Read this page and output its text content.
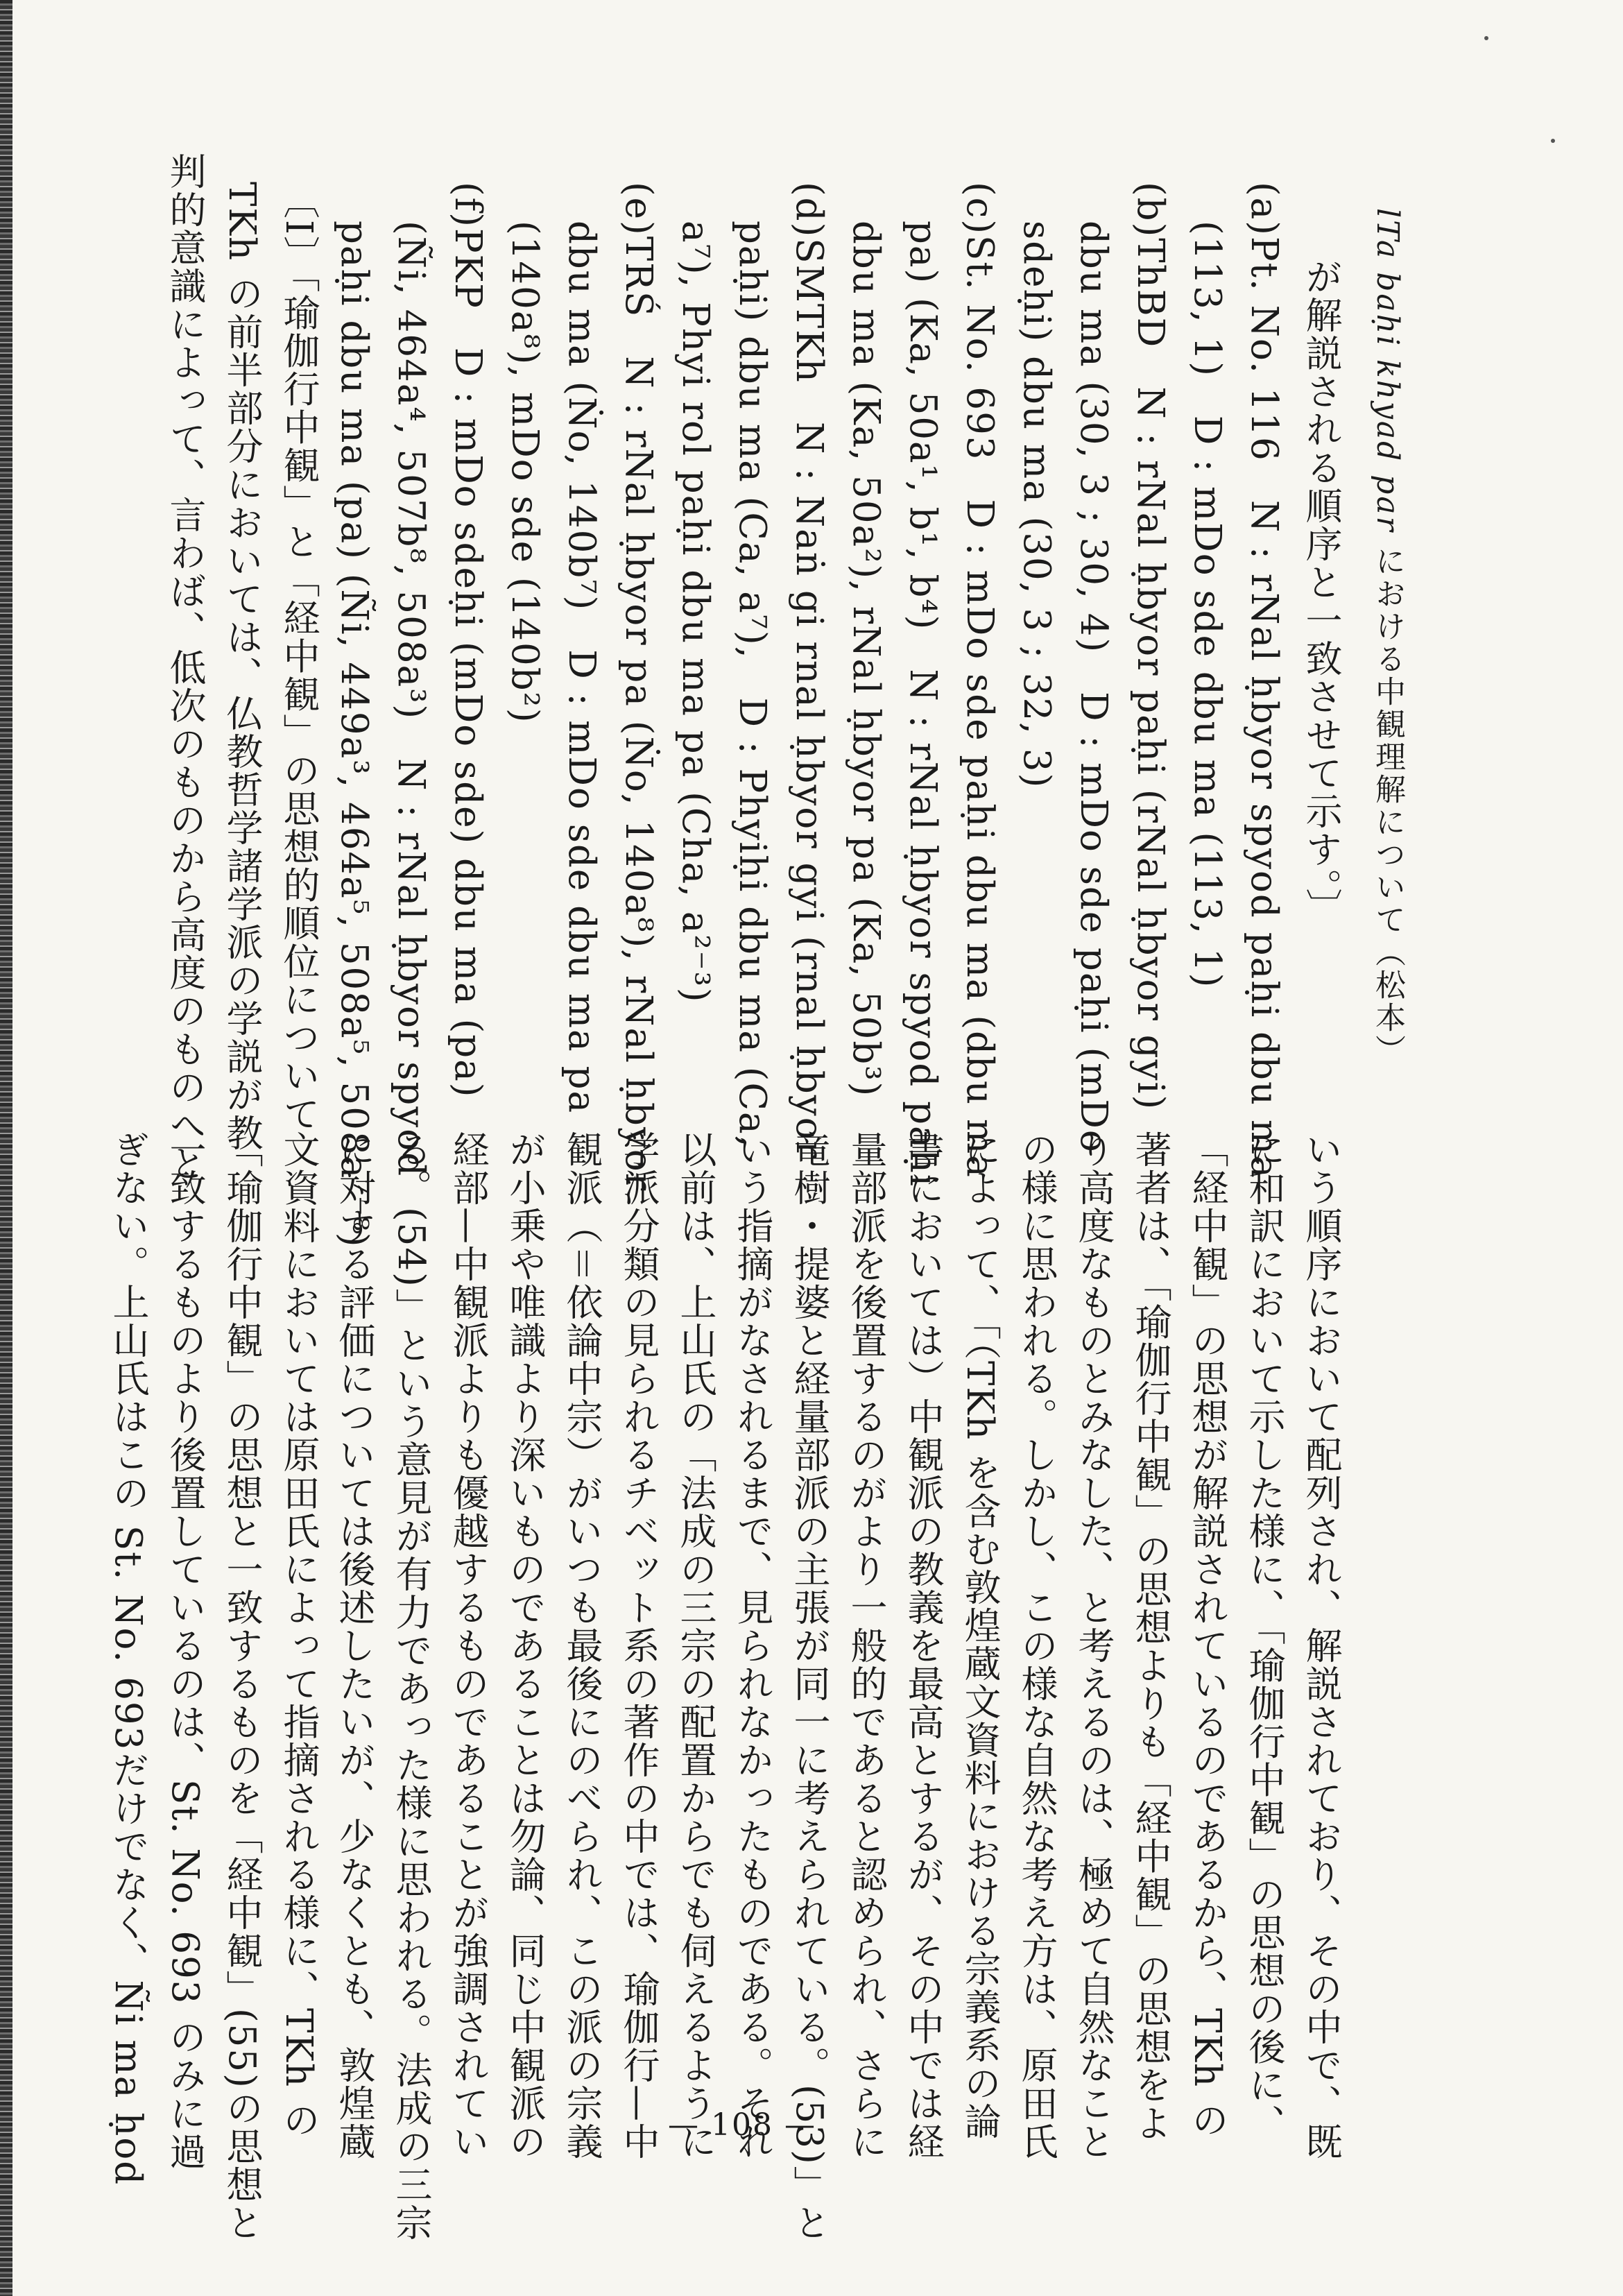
lTa baḥi khyad par における中観理解について（松本）
が解説される順序と一致させて示す。〕
(a)Pt. No. 116　N : rNal ḥbyor spyod paḥi dbu ma
(113, 1)　D : mDo sde dbu ma (113, 1)
(b)ThBD　N : rNal ḥbyor paḥi (rNal ḥbyor gyi)
dbu ma (30, 3 ; 30, 4)　D : mDo sde paḥi (mDo
sdeḥi) dbu ma (30, 3 ; 32, 3)
(c)St. No. 693　D : mDo sde paḥi dbu ma (dbu ma
pa) (Ka, 50a¹, b¹, b⁴)　N : rNal ḥbyor spyod paḥi
dbu ma (Ka, 50a²), rNal ḥbyor pa (Ka, 50b³)
(d)SMTKh　N : Naṅ gi rnal ḥbyor gyi (rnal ḥbyor
paḥi) dbu ma (Ca, a⁷),　D : Phyiḥi dbu ma (Ca,
a⁷), Phyi rol paḥi dbu ma pa (Cha, a²⁻³)
(e)TRŚ　N : rNal ḥbyor pa (Ṅo, 140a⁸), rNal ḥbyor
dbu ma (Ṅo, 140b⁷)　D : mDo sde dbu ma pa
(140a⁸), mDo sde (140b²)
(f)PKP　D : mDo sdeḥi (mDo sde) dbu ma (pa)
(Ñi, 464a⁴, 507b⁸, 508a³)　N : rNal ḥbyor spyod
paḥi dbu ma (pa) (Ñi, 449a³, 464a⁵, 508a⁵, 508a⁷⁻⁸)
〔I〕「瑜伽行中観」と「経中観」の思想的順位について
TKh の前半部分においては、仏教哲学諸学派の学説が教
判的意識によって、言わば、低次のものから高度のものへと
いう順序において配列され、解説されており、その中で、既
に和訳において示した様に、「瑜伽行中観」の思想の後に、
「経中観」の思想が解説されているのであるから、TKh の
著者は、「瑜伽行中観」の思想よりも「経中観」の思想をよ
り高度なものとみなした、と考えるのは、極めて自然なこと
の様に思われる。しかし、この様な自然な考え方は、原田氏
によって、「（TKh を含む敦煌蔵文資料における宗義系の論
書においては）中観派の教義を最高とするが、その中では経
量部派を後置するのがより一般的であると認められ、さらに
竜樹・提婆と経量部派の主張が同一に考えられている。(53)」と
いう指摘がなされるまで、見られなかったものである。それ
以前は、上山氏の「法成の三宗の配置からでも伺えるように
学派分類の見られるチベット系の著作の中では、瑜伽行—中
観派（＝依論中宗）がいつも最後にのべられ、この派の宗義
が小乗や唯識より深いものであることは勿論、同じ中観派の
経部—中観派よりも優越するものであることが強調されてい
る。(54)」という意見が有力であった様に思われる。法成の三宗
に対する評価については後述したいが、少なくとも、敦煌蔵
文資料においては原田氏によって指摘される様に、TKh の
「瑜伽行中観」の思想と一致するものを「経中観」(55)の思想と
一致するものより後置しているのは、St. No. 693 のみに過
ぎない。上山氏はこの St. No. 693だけでなく、Ñi ma ḥod	— 108 —
